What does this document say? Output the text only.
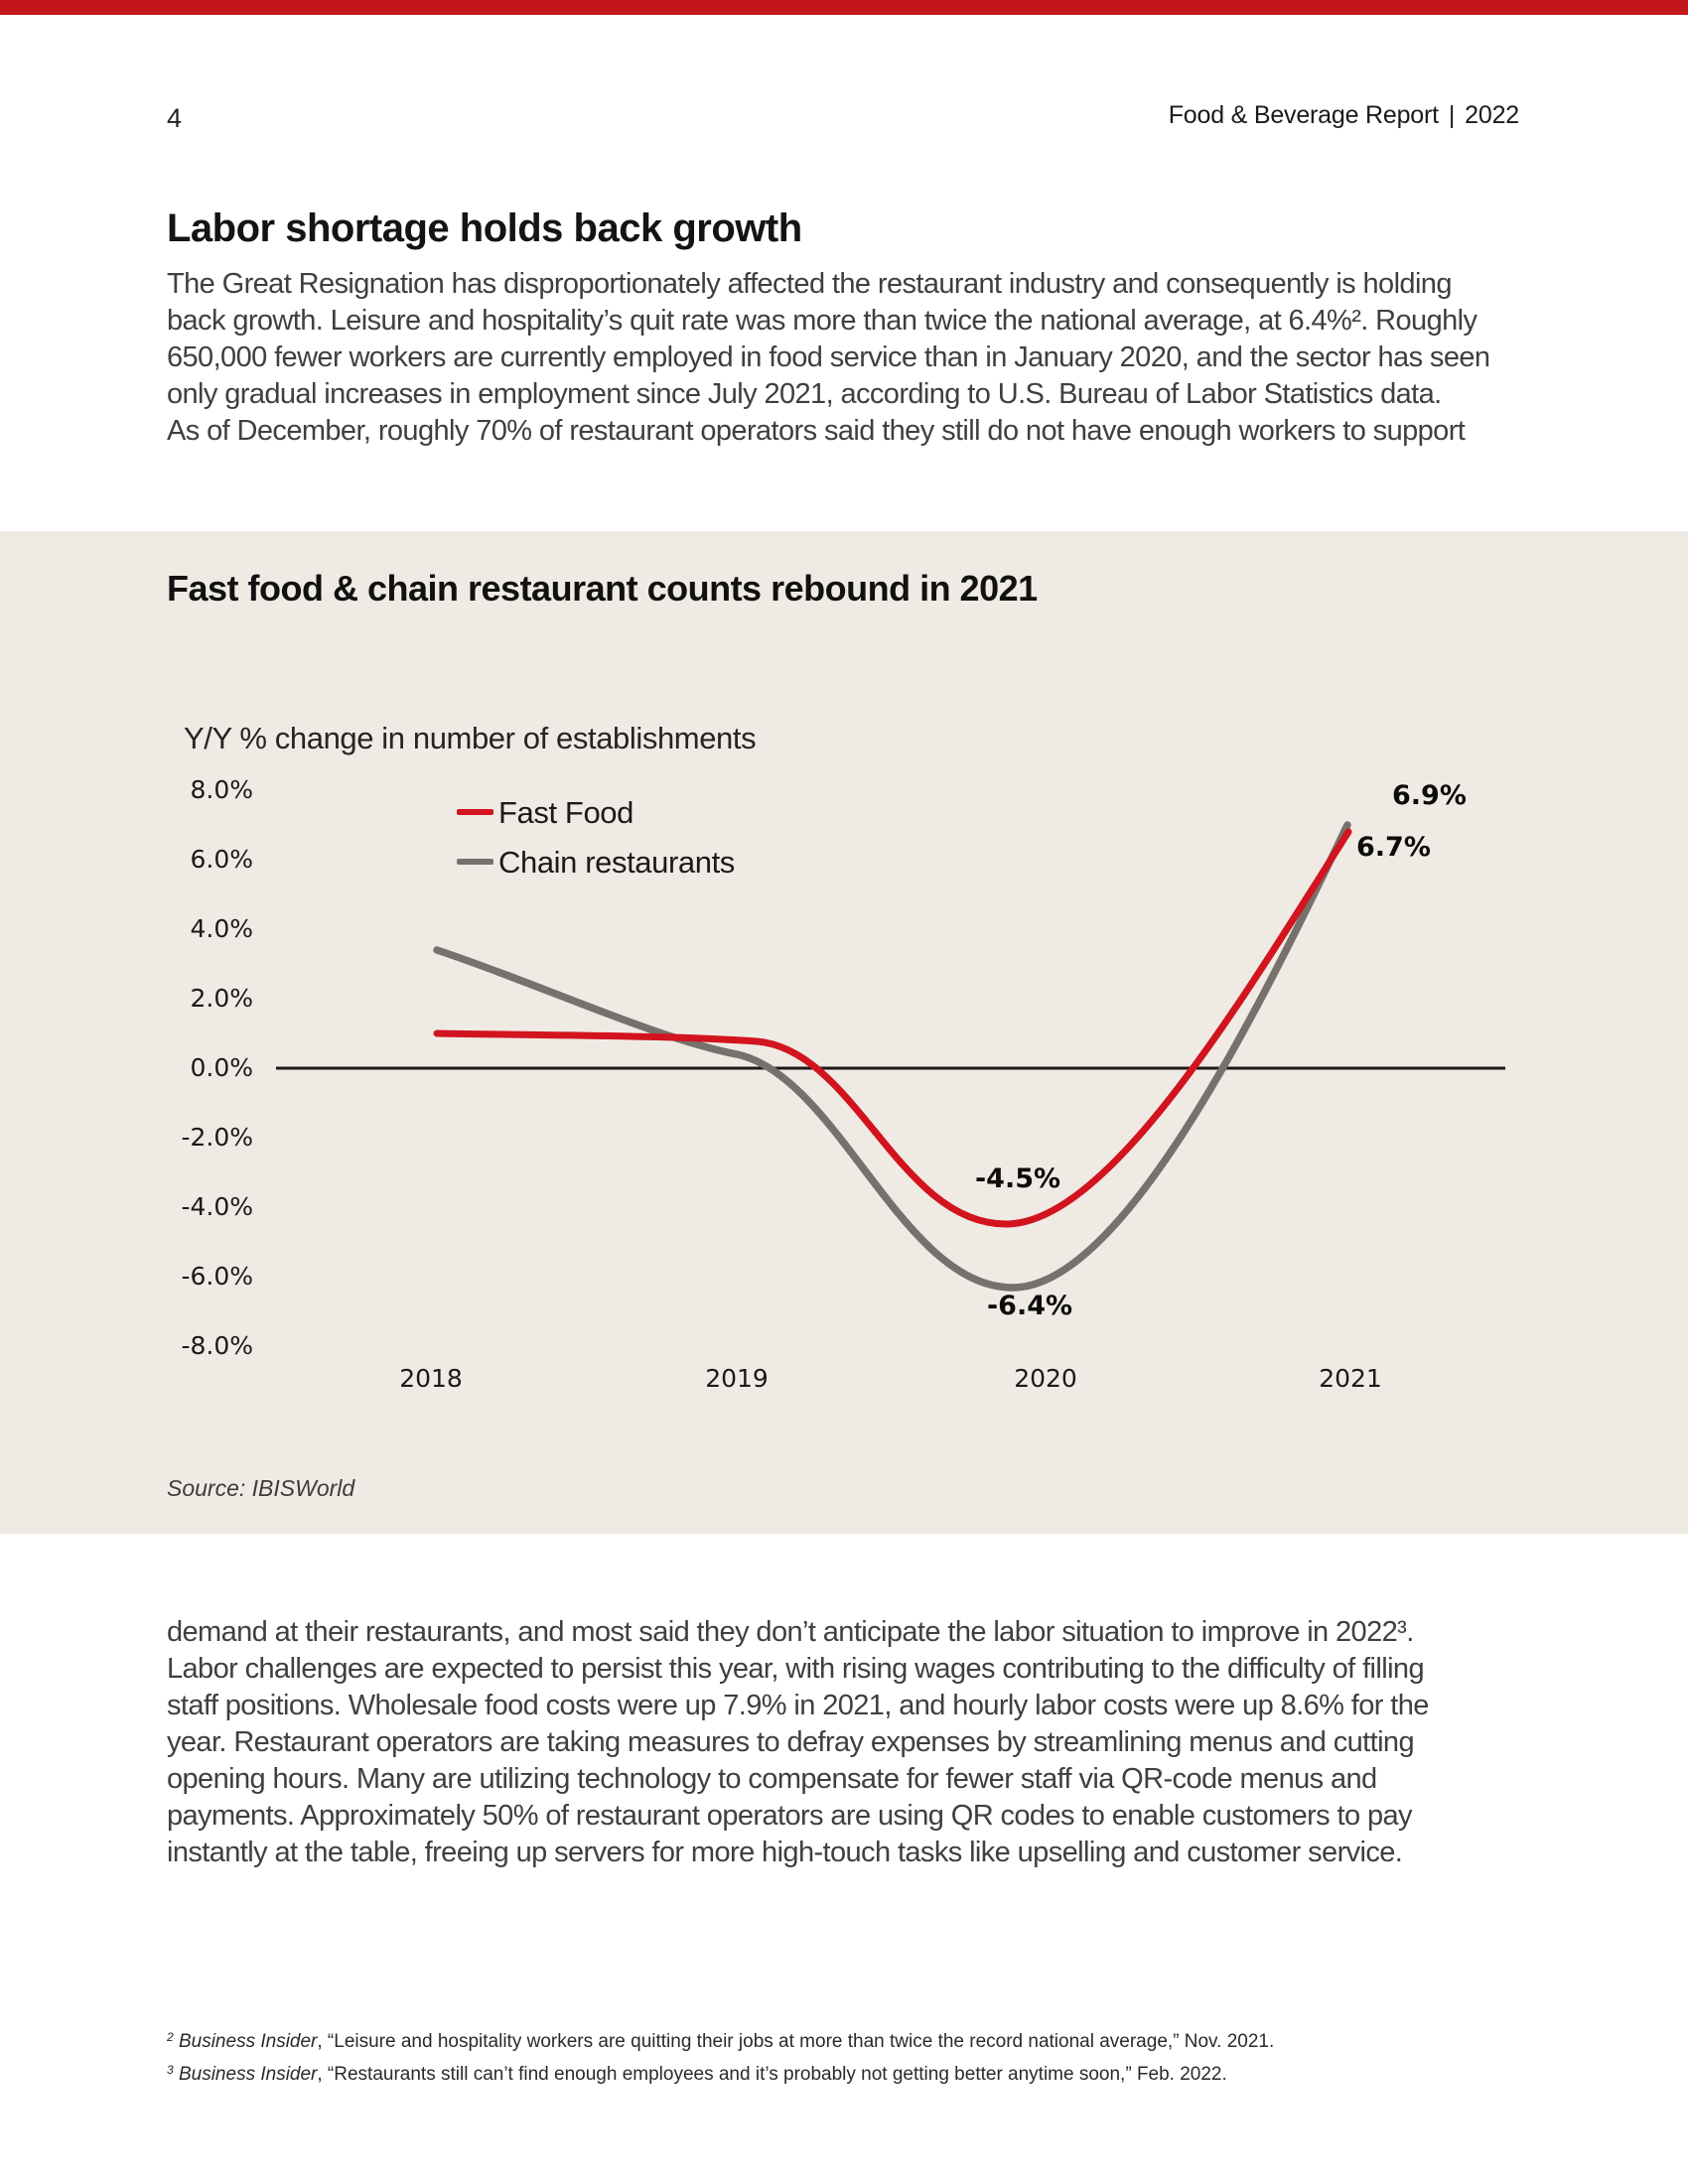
4	Food & Beverage Report | 2022
Labor shortage holds back growth
The Great Resignation has disproportionately affected the restaurant industry and consequently is holding
back growth. Leisure and hospitality’s quit rate was more than twice the national average, at 6.4%². Roughly
650,000 fewer workers are currently employed in food service than in January 2020, and the sector has seen
only gradual increases in employment since July 2021, according to U.S. Bureau of Labor Statistics data.
As of December, roughly 70% of restaurant operators said they still do not have enough workers to support
Fast food & chain restaurant counts rebound in 2021
Y/Y % change in number of establishments
8.0%
6.0%
4.0%
2.0%
0.0%
-2.0%
-4.0%
-6.0%
-8.0%
Fast Food
Chain restaurants
6.9%
6.7%
-4.5%
-6.4%
2018	2019	2020	2021
Source: IBISWorld
demand at their restaurants, and most said they don’t anticipate the labor situation to improve in 2022³.
Labor challenges are expected to persist this year, with rising wages contributing to the difficulty of filling
staff positions. Wholesale food costs were up 7.9% in 2021, and hourly labor costs were up 8.6% for the
year. Restaurant operators are taking measures to defray expenses by streamlining menus and cutting
opening hours. Many are utilizing technology to compensate for fewer staff via QR-code menus and
payments. Approximately 50% of restaurant operators are using QR codes to enable customers to pay
instantly at the table, freeing up servers for more high-touch tasks like upselling and customer service.
$^2$ Business Insider, “Leisure and hospitality workers are quitting their jobs at more than twice the record national average,” Nov. 2021.
$^3$ Business Insider, “Restaurants still can’t find enough employees and it’s probably not getting better anytime soon,” Feb. 2022.
